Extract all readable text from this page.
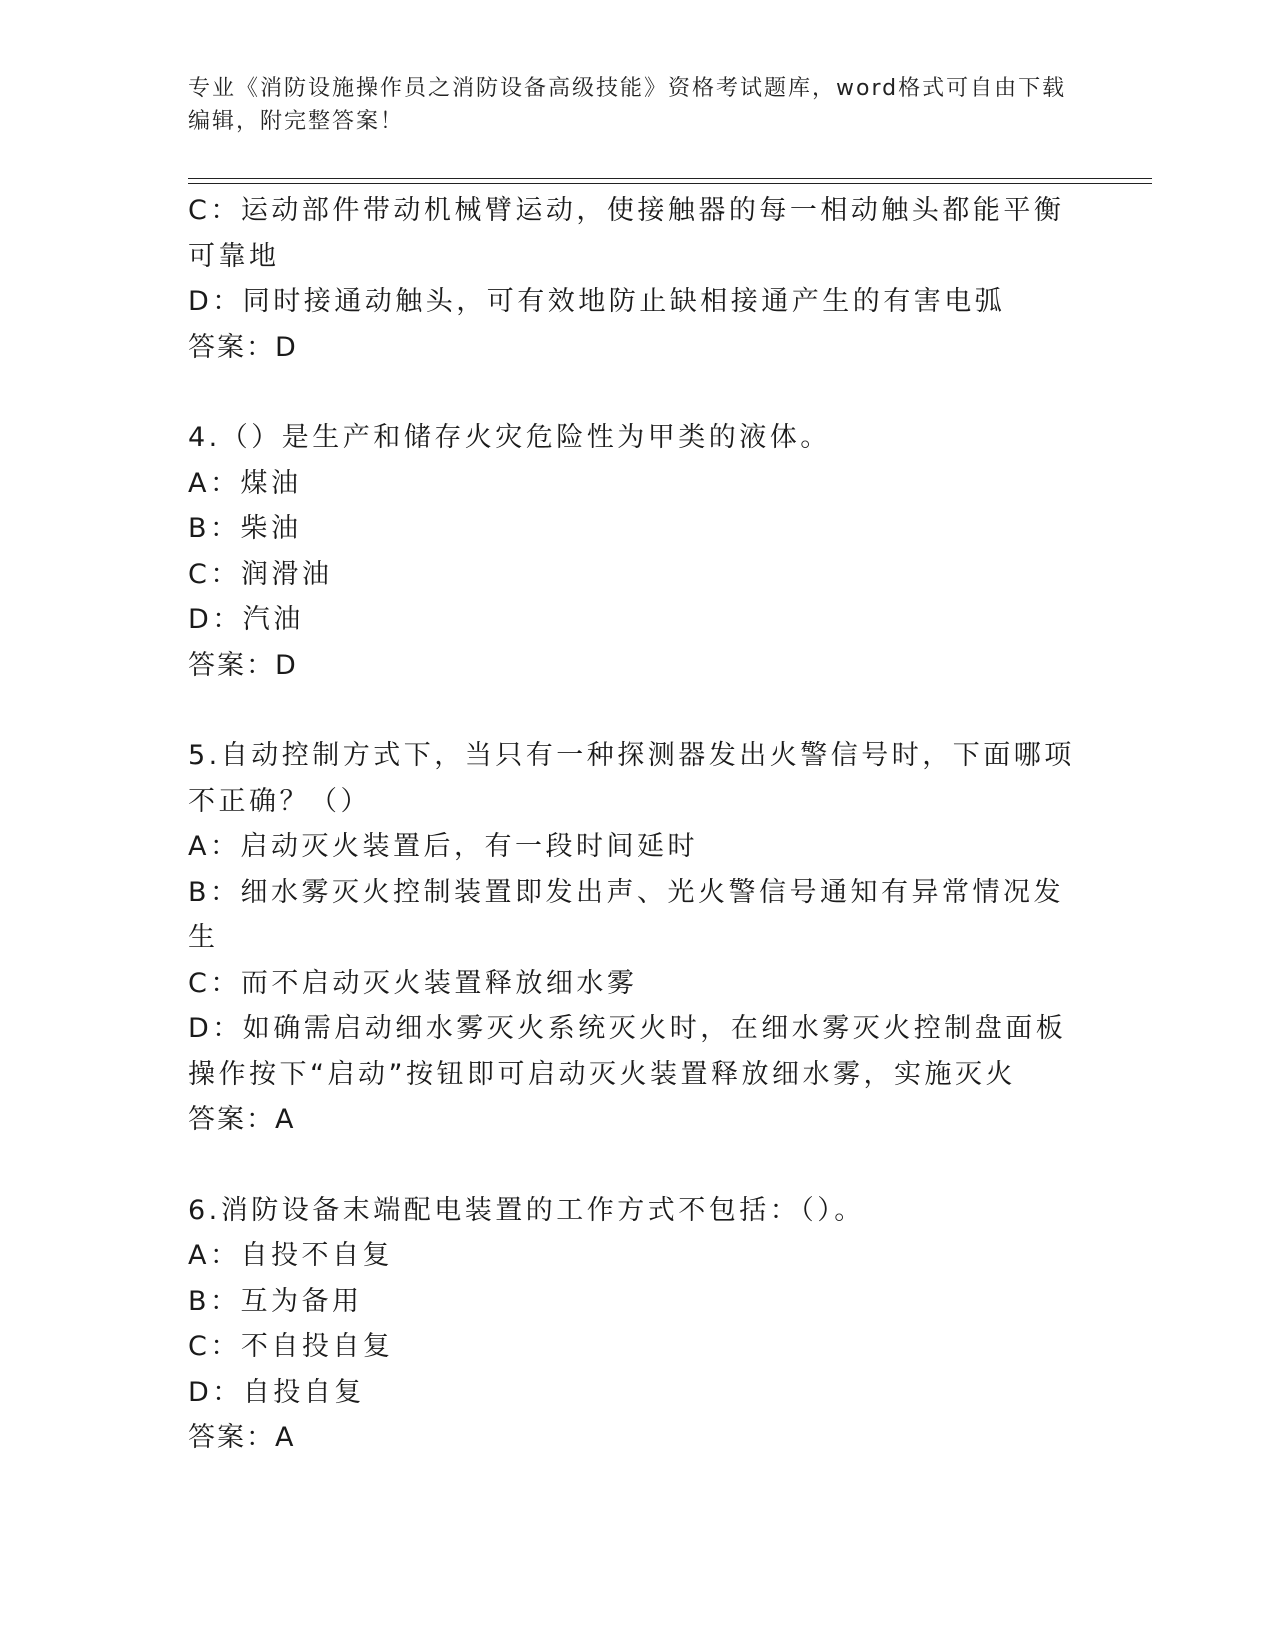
专业《消防设施操作员之消防设备高级技能》资格考试题库，word格式可自由下载编辑，附完整答案！

C：运动部件带动机械臂运动，使接触器的每一相动触头都能平衡可靠地

D：同时接通动触头，可有效地防止缺相接通产生的有害电弧

答案：D

4.（）是生产和储存火灾危险性为甲类的液体。

A：煤油

B：柴油

C：润滑油

D：汽油

答案：D

5.自动控制方式下，当只有一种探测器发出火警信号时，下面哪项不正确？（）

A：启动灭火装置后，有一段时间延时

B：细水雾灭火控制装置即发出声、光火警信号通知有异常情况发生

C：而不启动灭火装置释放细水雾

D：如确需启动细水雾灭火系统灭火时，在细水雾灭火控制盘面板操作按下“启动”按钮即可启动灭火装置释放细水雾，实施灭火

答案：A

6.消防设备末端配电装置的工作方式不包括：（）。

A：自投不自复

B：互为备用

C：不自投自复

D：自投自复

答案：A
